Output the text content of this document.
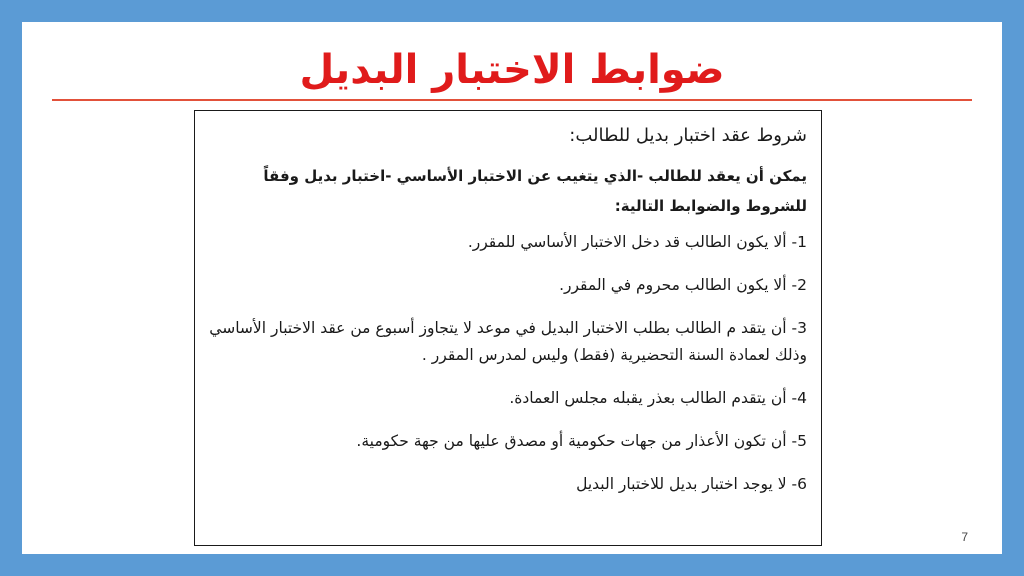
ضوابط الاختبار البديل
شروط عقد اختبار بديل للطالب:
يمكن أن يعقد للطالب -الذي يتغيب عن الاختبار الأساسي -اختبار بديل وفقاً للشروط والضوابط التالية:
1- ألا يكون الطالب قد دخل الاختبار الأساسي للمقرر.
2- ألا يكون الطالب محروم في المقرر.
3- أن يتقد م الطالب بطلب الاختبار البديل في موعد لا يتجاوز أسبوع من عقد الاختبار الأساسي وذلك لعمادة السنة التحضيرية (فقط) وليس لمدرس المقرر .
4- أن يتقدم الطالب بعذر يقبله مجلس العمادة.
5- أن تكون الأعذار من جهات حكومية أو مصدق عليها من جهة حكومية.
6- لا يوجد اختبار بديل للاختبار البديل
7
